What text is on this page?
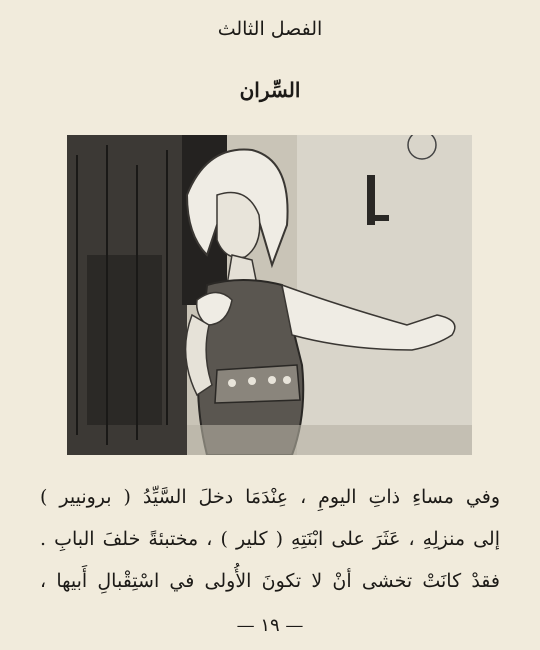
الفصل الثالث
السِّران
وفي مساءِ ذاتِ اليومِ ، عِنْدَمَا دخلَ السَّيِّدُ ( برونيير )
إلى منزلِهِ ، عَثَرَ على ابْنَتِهِ ( كلير ) ، مختبئةً خلفَ البابِ .
فقدْ كانَتْ تخشى أنْ لا تكونَ الأُولى في اسْتِقْبالِ أَبيها ،
— ١٩ —
